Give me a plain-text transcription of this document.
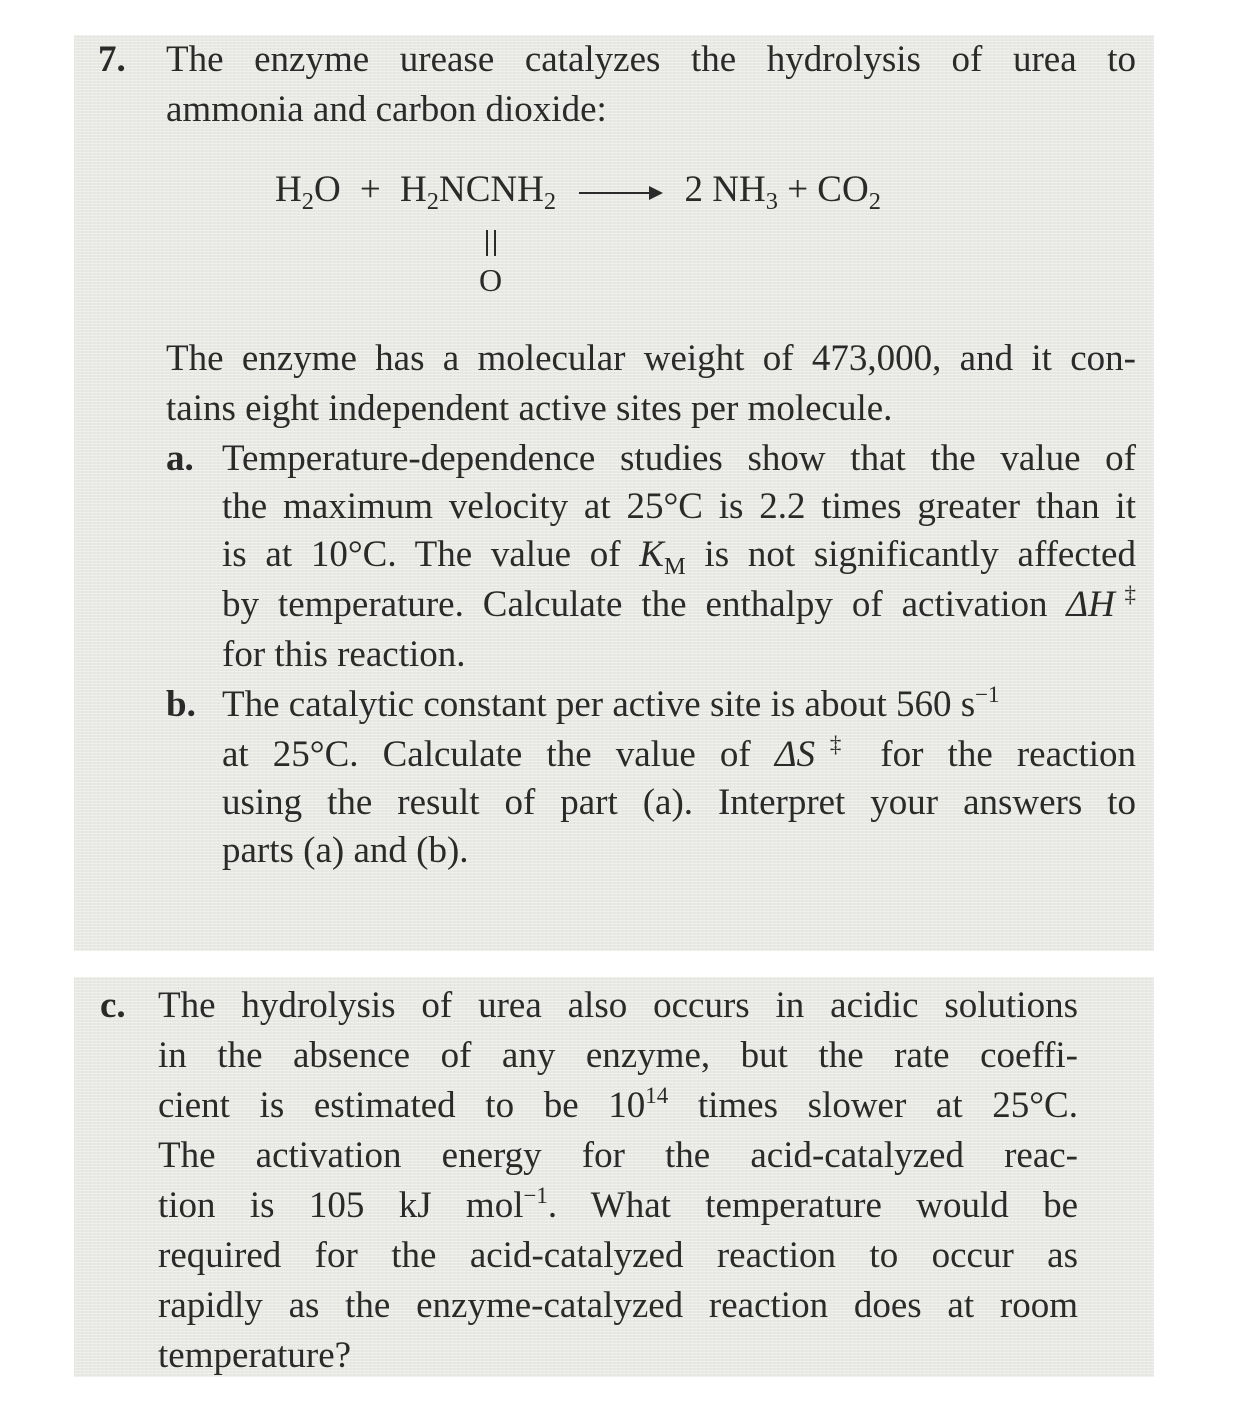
7. The enzyme urease catalyzes the hydrolysis of urea to
ammonia and carbon dioxide:
$H_2O$ + $H_2NCNH_2$	2 $NH_3 + CO_2$
O
The enzyme has a molecular weight of 473,000, and it con-
tains eight independent active sites per molecule.
a. Temperature-dependence studies show that the value of
the maximum velocity at 25°C is 2.2 times greater than it
is at 10°C. The value of $K_M$ is not significantly affected
by temperature. Calculate the enthalpy of activation ΔH‡
for this reaction.
b. The catalytic constant per active site is about 560 $s^{-1}$
at 25°C. Calculate the value of ΔS‡ for the reaction
using the result of part (a). Interpret your answers to
parts (a) and (b).
c. The hydrolysis of urea also occurs in acidic solutions
in the absence of any enzyme, but the rate coeffi-
cient is estimated to be $10^{14}$ times slower at 25°C.
The activation energy for the acid-catalyzed reac-
tion is 105 kJ mol$^{-1}$. What temperature would be
required for the acid-catalyzed reaction to occur as
rapidly as the enzyme-catalyzed reaction does at room
temperature?
